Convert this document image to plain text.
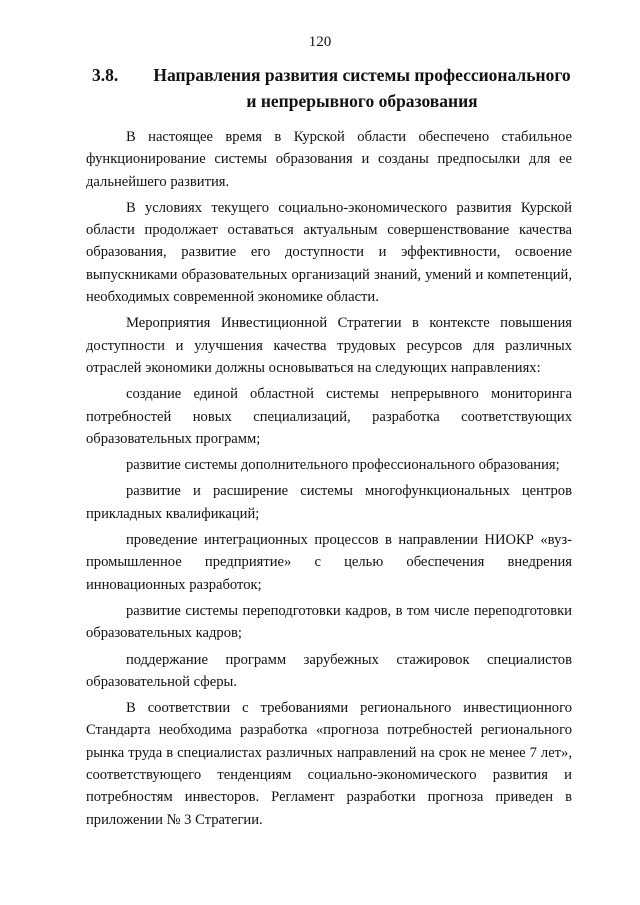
120
3.8. Направления развития системы профессионального и непрерывного образования

В настоящее время в Курской области обеспечено стабильное функционирование системы образования и созданы предпосылки для ее дальнейшего развития.

В условиях текущего социально-экономического развития Курской области продолжает оставаться актуальным совершенствование качества образования, развитие его доступности и эффективности, освоение выпускниками образовательных организаций знаний, умений и компетенций, необходимых современной экономике области.

Мероприятия Инвестиционной Стратегии в контексте повышения доступности и улучшения качества трудовых ресурсов для различных отраслей экономики должны основываться на следующих направлениях:

создание единой областной системы непрерывного мониторинга потребностей новых специализаций, разработка соответствующих образовательных программ;

развитие системы дополнительного профессионального образования;

развитие и расширение системы многофункциональных центров прикладных квалификаций;

проведение интеграционных процессов в направлении НИОКР «вуз-промышленное предприятие» с целью обеспечения внедрения инновационных разработок;

развитие системы переподготовки кадров, в том числе переподготовки образовательных кадров;

поддержание программ зарубежных стажировок специалистов образовательной сферы.

В соответствии с требованиями регионального инвестиционного Стандарта необходима разработка «прогноза потребностей регионального рынка труда в специалистах различных направлений на срок не менее 7 лет», соответствующего тенденциям социально-экономического развития и потребностям инвесторов. Регламент разработки прогноза приведен в приложении № 3 Стратегии.
